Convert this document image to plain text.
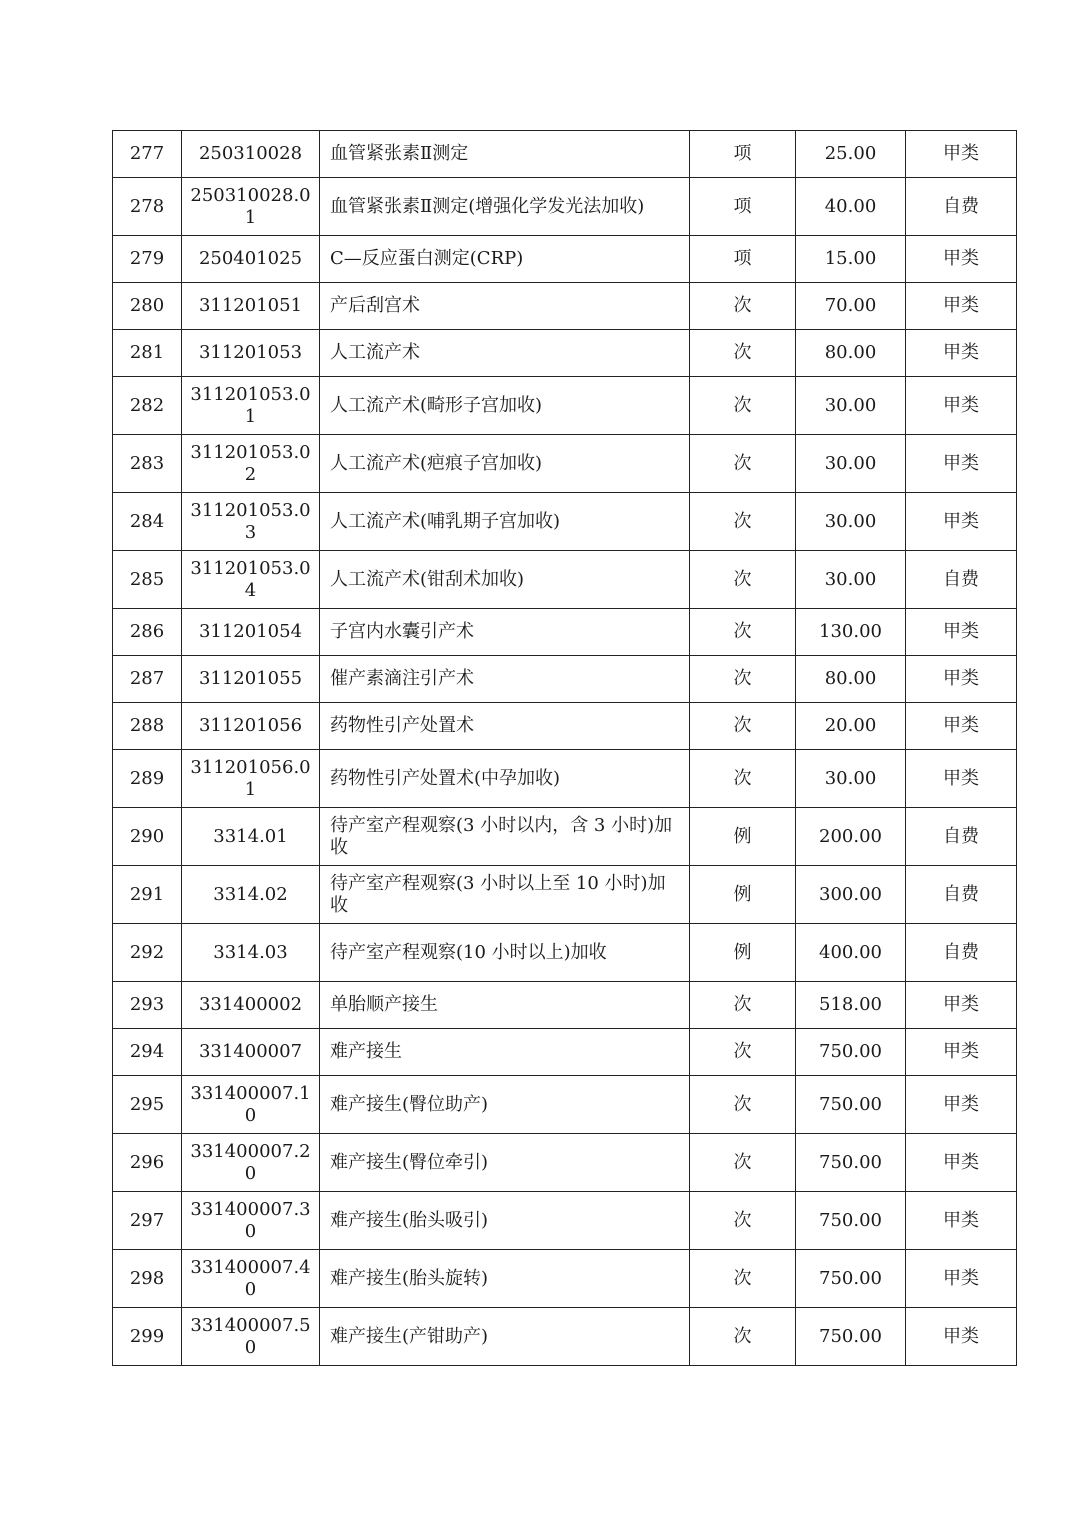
277	250310028	血管紧张素Ⅱ测定	项	25.00	甲类
278	250310028.01	血管紧张素Ⅱ测定(增强化学发光法加收)	项	40.00	自费
279	250401025	C—反应蛋白测定(CRP)	项	15.00	甲类
280	311201051	产后刮宫术	次	70.00	甲类
281	311201053	人工流产术	次	80.00	甲类
282	311201053.01	人工流产术(畸形子宫加收)	次	30.00	甲类
283	311201053.02	人工流产术(疤痕子宫加收)	次	30.00	甲类
284	311201053.03	人工流产术(哺乳期子宫加收)	次	30.00	甲类
285	311201053.04	人工流产术(钳刮术加收)	次	30.00	自费
286	311201054	子宫内水囊引产术	次	130.00	甲类
287	311201055	催产素滴注引产术	次	80.00	甲类
288	311201056	药物性引产处置术	次	20.00	甲类
289	311201056.01	药物性引产处置术(中孕加收)	次	30.00	甲类
290	3314.01	待产室产程观察(3 小时以内，含 3 小时)加收	例	200.00	自费
291	3314.02	待产室产程观察(3 小时以上至 10 小时)加收	例	300.00	自费
292	3314.03	待产室产程观察(10 小时以上)加收	例	400.00	自费
293	331400002	单胎顺产接生	次	518.00	甲类
294	331400007	难产接生	次	750.00	甲类
295	331400007.10	难产接生(臀位助产)	次	750.00	甲类
296	331400007.20	难产接生(臀位牵引)	次	750.00	甲类
297	331400007.30	难产接生(胎头吸引)	次	750.00	甲类
298	331400007.40	难产接生(胎头旋转)	次	750.00	甲类
299	331400007.50	难产接生(产钳助产)	次	750.00	甲类
